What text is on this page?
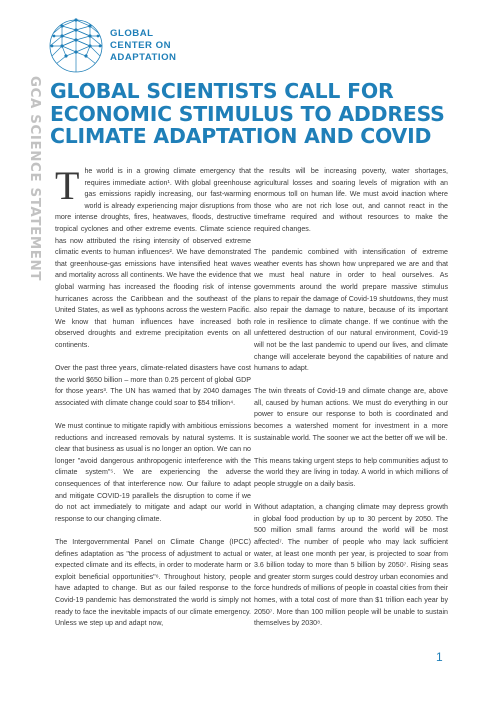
GLOBAL
CENTER ON
ADAPTATION
GCA SCIENCE STATEMENT GLOBAL SCIENTISTS CALL FOR
ECONOMIC STIMULUS TO ADDRESS
CLIMATE ADAPTATION AND COVID

The world is in a growing climate emergency that requires immediate action¹. With global greenhouse gas emissions rapidly increasing, our fast-warming world is already experiencing major disruptions from more intense droughts, fires, heatwaves, floods, destructive tropical cyclones and other extreme events. Climate science has now attributed the rising intensity of observed extreme climatic events to human influences². We have demonstrated that greenhouse-gas emissions have intensified heat waves and mortality across all continents. We have the evidence that global warming has increased the flooding risk of intense hurricanes across the Caribbean and the southeast of the United States, as well as typhoons across the western Pacific. We know that human influences have increased both observed droughts and extreme precipitation events on all continents.

Over the past three years, climate-related disasters have cost the world $650 billion – more than 0.25 percent of global GDP for those years³. The UN has warned that by 2040 damages associated with climate change could soar to $54 trillion⁴.

We must continue to mitigate rapidly with ambitious emissions reductions and increased removals by natural systems. It is clear that business as usual is no longer an option. We can no longer "avoid dangerous anthropogenic interference with the climate system"⁵. We are experiencing the adverse consequences of that interference now. Our failure to adapt and mitigate COVID-19 parallels the disruption to come if we do not act immediately to mitigate and adapt our world in response to our changing climate.

The Intergovernmental Panel on Climate Change (IPCC) defines adaptation as "the process of adjustment to actual or expected climate and its effects, in order to moderate harm or exploit beneficial opportunities"⁶. Throughout history, people have adapted to change. But as our failed response to the Covid-19 pandemic has demonstrated the world is simply not ready to face the inevitable impacts of our climate emergency. Unless we step up and adapt now,

the results will be increasing poverty, water shortages, agricultural losses and soaring levels of migration with an enormous toll on human life. We must avoid inaction where those who are not rich lose out, and cannot react in the timeframe required and without resources to make the required changes.

The pandemic combined with intensification of extreme weather events has shown how unprepared we are and that we must heal nature in order to heal ourselves. As governments around the world prepare massive stimulus plans to repair the damage of Covid-19 shutdowns, they must also repair the damage to nature, because of its important role in resilience to climate change. If we continue with the unfettered destruction of our natural environment, Covid-19 will not be the last pandemic to upend our lives, and climate change will accelerate beyond the capabilities of nature and humans to adapt.

The twin threats of Covid-19 and climate change are, above all, caused by human actions. We must do everything in our power to ensure our response to both is coordinated and becomes a watershed moment for investment in a more sustainable world. The sooner we act the better off we will be.

This means taking urgent steps to help communities adjust to the world they are living in today. A world in which millions of people struggle on a daily basis.

Without adaptation, a changing climate may depress growth in global food production by up to 30 percent by 2050. The 500 million small farms around the world will be most affected⁷. The number of people who may lack sufficient water, at least one month per year, is projected to soar from 3.6 billion today to more than 5 billion by 2050⁷. Rising seas and greater storm surges could destroy urban economies and force hundreds of millions of people in coastal cities from their homes, with a total cost of more than $1 trillion each year by 2050⁷. More than 100 million people will be unable to sustain themselves by 2030⁸.

1
